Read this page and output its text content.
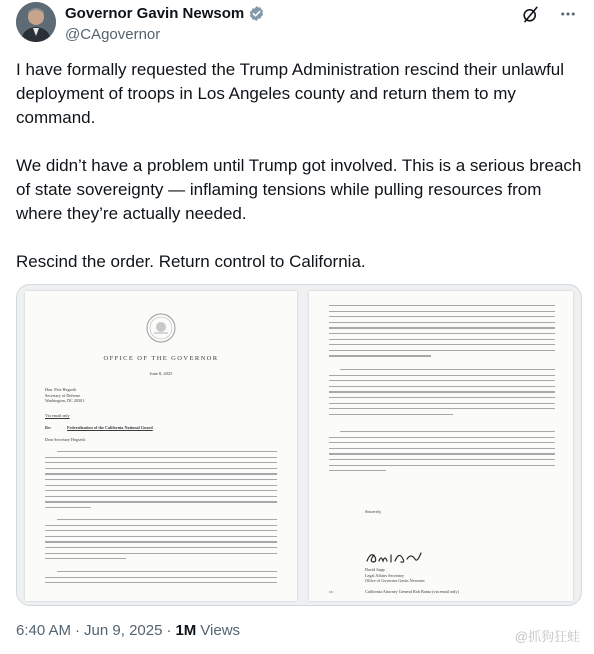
Governor Gavin Newsom
@CAgovernor

I have formally requested the Trump Administration rescind their unlawful deployment of troops in Los Angeles county and return them to my command.

We didn’t have a problem until Trump got involved. This is a serious breach of state sovereignty — inflaming tensions while pulling resources from where they’re actually needed.

Rescind the order. Return control to California.

OFFICE OF THE GOVERNOR
June 8, 2025
Hon. Pete Hegseth
Secretary of Defense
Washington, DC 20301
Via email only
Re:	Federalization of the California National Guard
Dear Secretary Hegseth:
Sincerely,
David Sapp
Legal Affairs Secretary
Office of Governor Gavin Newsom
cc:	California Attorney General Rob Bonta (via email only)
6:40 AM · Jun 9, 2025 · 1M Views	@抓狗狂蛙
